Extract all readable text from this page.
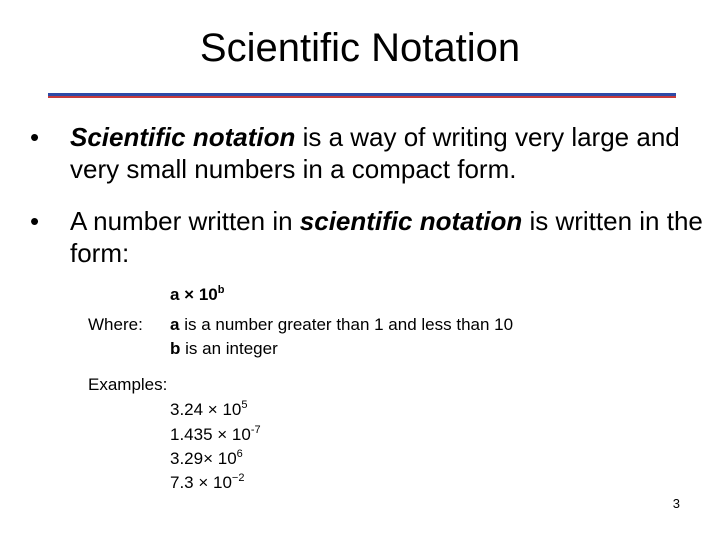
Scientific Notation
• Scientific notation is a way of writing very large and very small numbers in a compact form.
• A number written in scientific notation is written in the form:
$a \times 10^b$
Where: a is a number greater than 1 and less than 10
b is an integer
Examples:
$3.24 \times 10^5$
$1.435 \times 10^{-7}$
$3.29\times 10^6$
$7.3 \times 10^{-2}$
3
